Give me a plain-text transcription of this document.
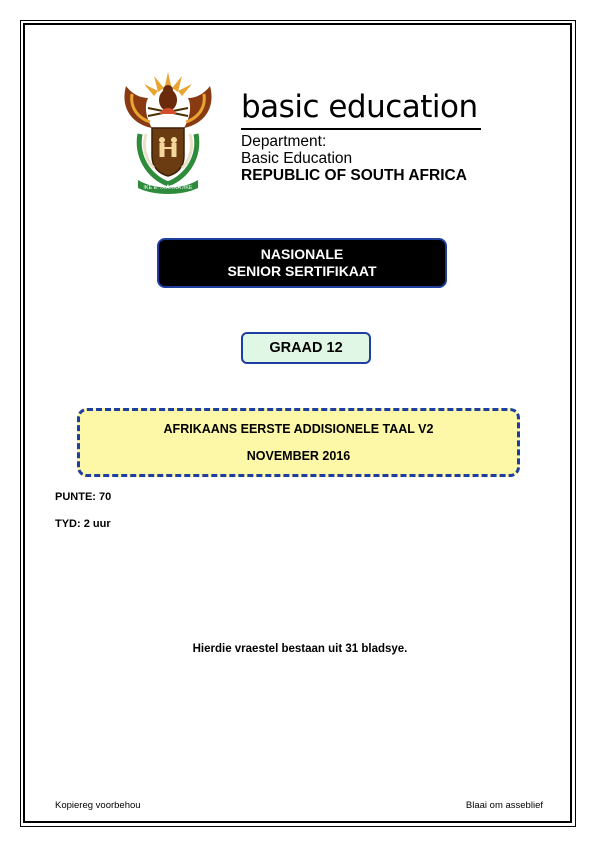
!KE E: /XARRA //KE
basic education
Department:
Basic Education
REPUBLIC OF SOUTH AFRICA
NASIONALE
SENIOR SERTIFIKAAT
GRAAD 12
AFRIKAANS EERSTE ADDISIONELE TAAL V2
NOVEMBER 2016
PUNTE: 70
TYD: 2 uur
Hierdie vraestel bestaan uit 31 bladsye.
Kopiereg voorbehou	Blaai om asseblief
